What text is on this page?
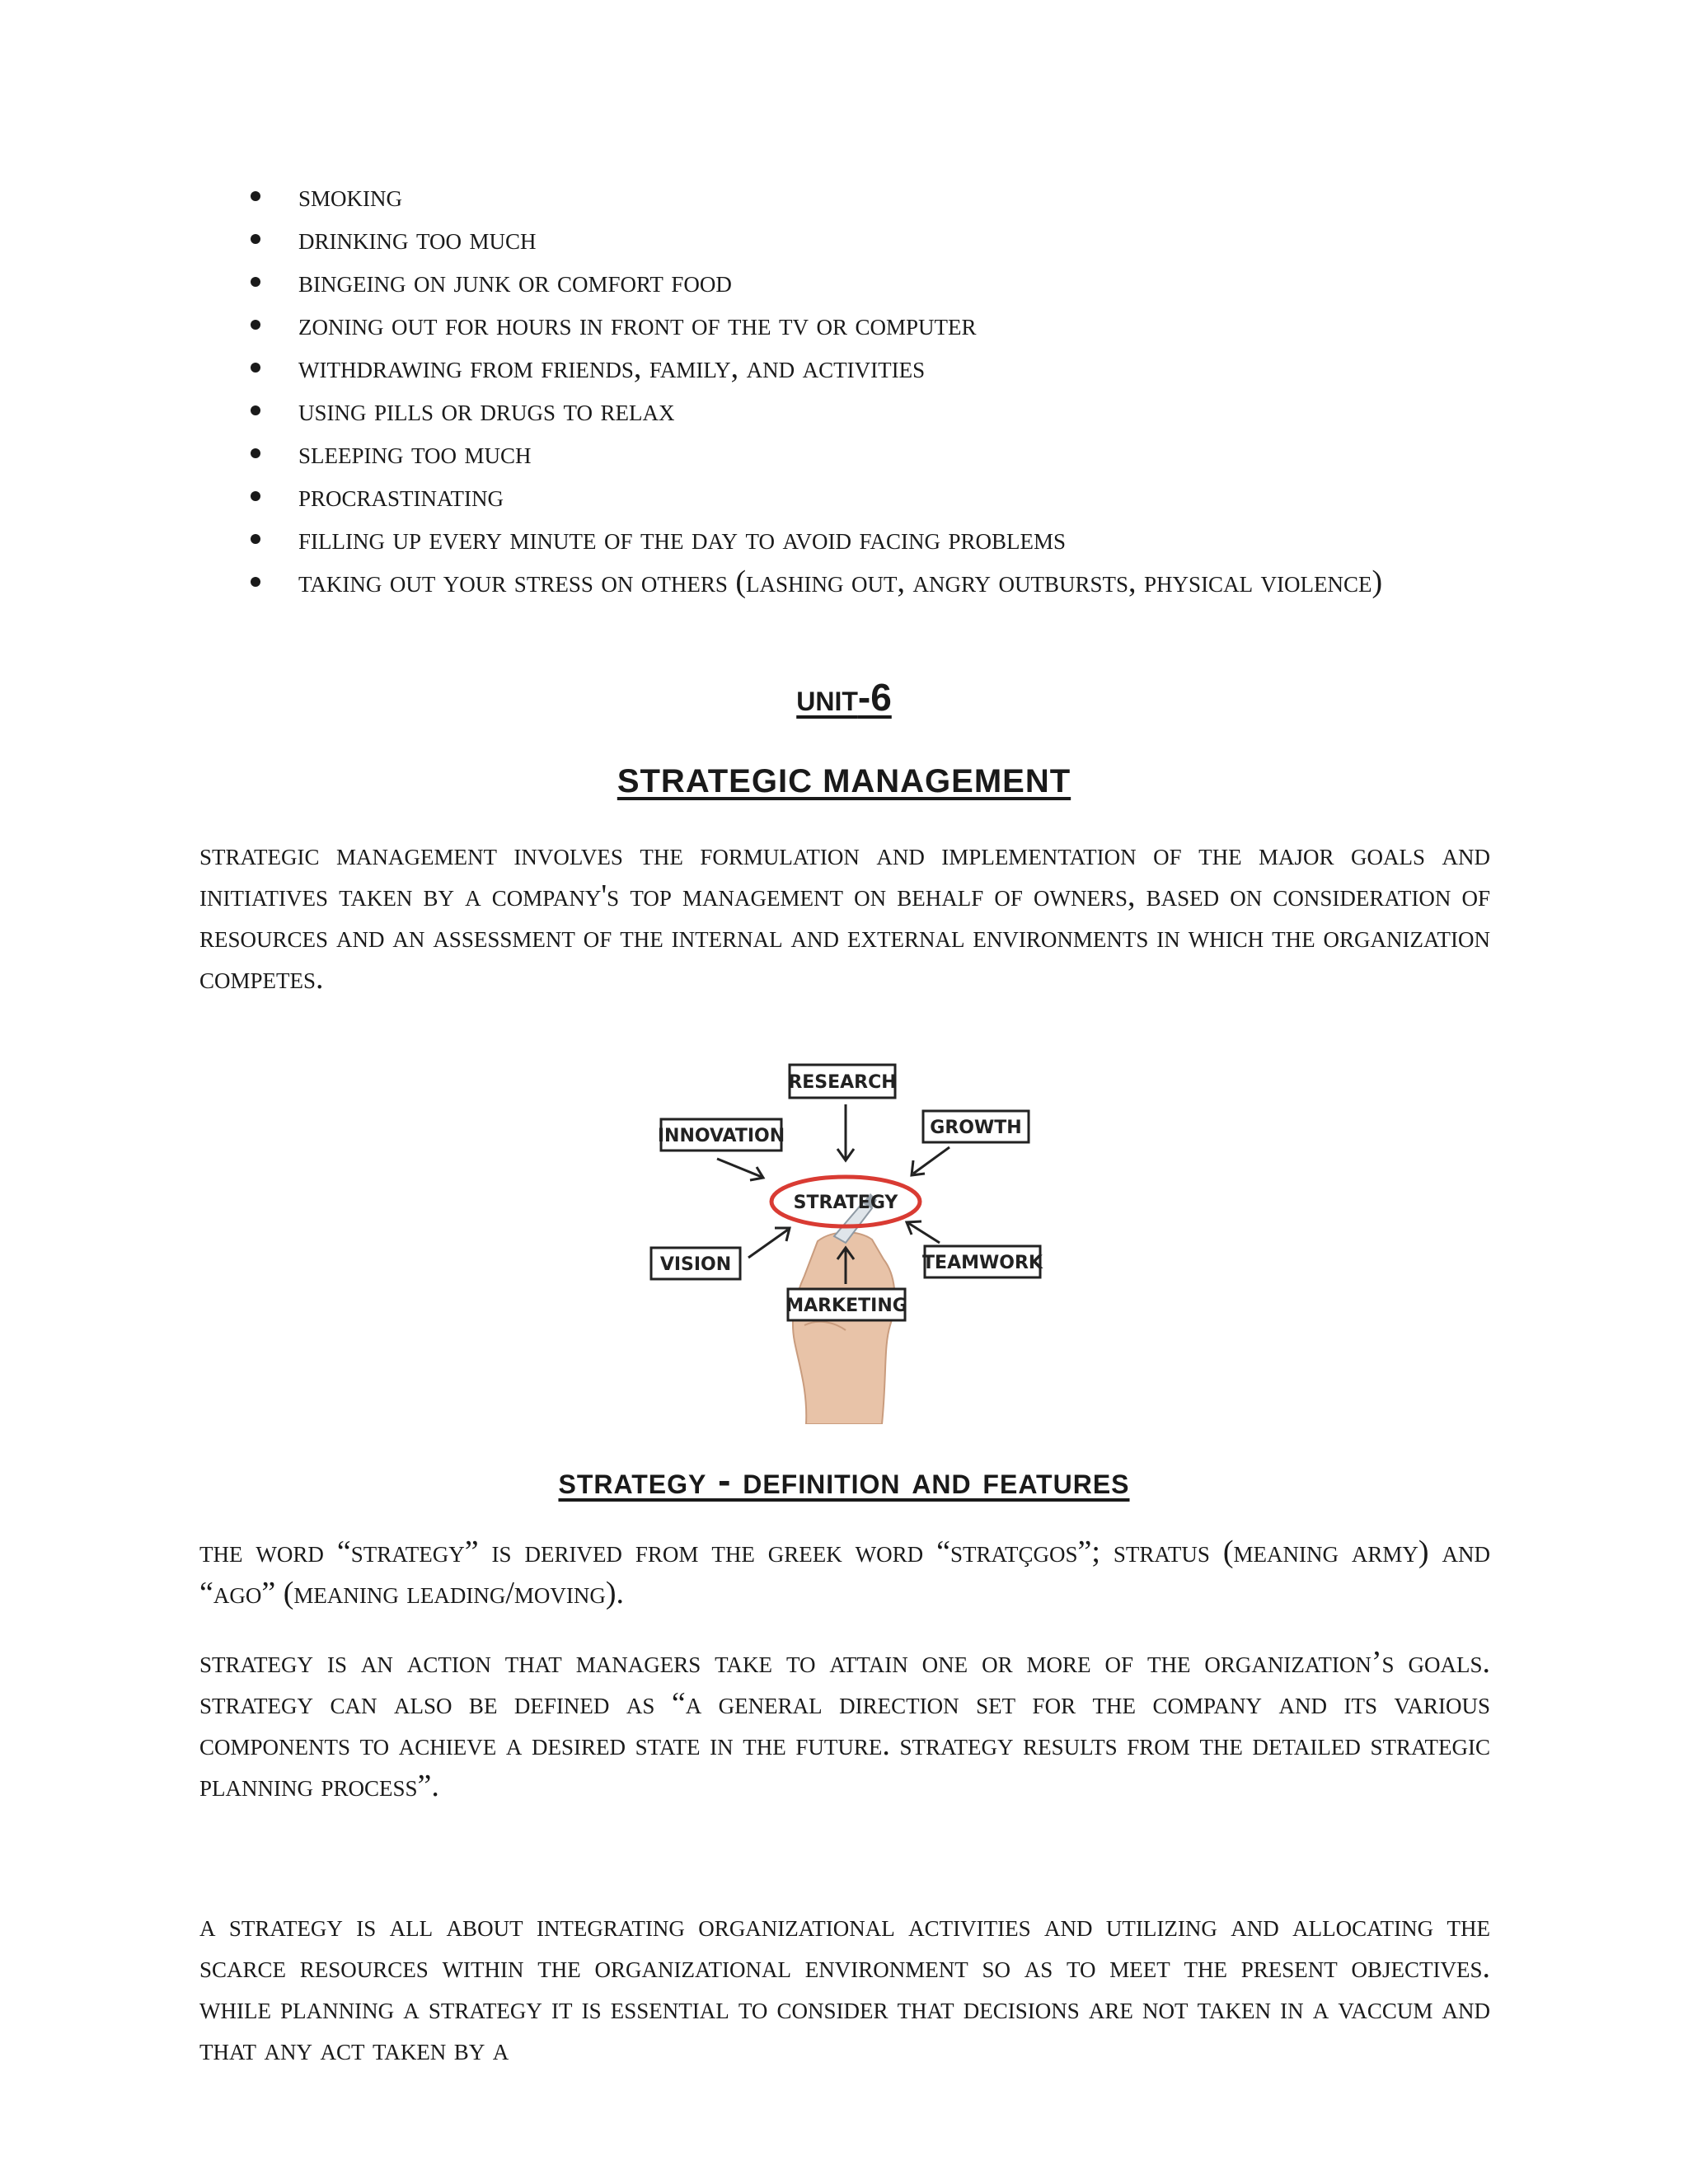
smoking
drinking too much
bingeing on junk or comfort food
zoning out for hours in front of the tv or computer
withdrawing from friends, family, and activities
using pills or drugs to relax
sleeping too much
procrastinating
filling up every minute of the day to avoid facing problems
taking out your stress on others (lashing out, angry outbursts, physical violence)
unit-6
STRATEGIC MANAGEMENT

strategic management involves the formulation and implementation of the major goals and initiatives taken by a company's top management on behalf of owners, based on consideration of resources and an assessment of the internal and external environments in which the organization competes.

STRATEGY
RESEARCH
INNOVATION	GROWTH
VISION	TEAMWORK
MARKETING
strategy - definition and features

the word “strategy” is derived from the greek word “stratçgos”; stratus (meaning army) and “ago” (meaning leading/moving).

strategy is an action that managers take to attain one or more of the organization’s goals. strategy can also be defined as “a general direction set for the company and its various components to achieve a desired state in the future. strategy results from the detailed strategic planning process”.

a strategy is all about integrating organizational activities and utilizing and allocating the scarce resources within the organizational environment so as to meet the present objectives. while planning a strategy it is essential to consider that decisions are not taken in a vaccum and that any act taken by a
